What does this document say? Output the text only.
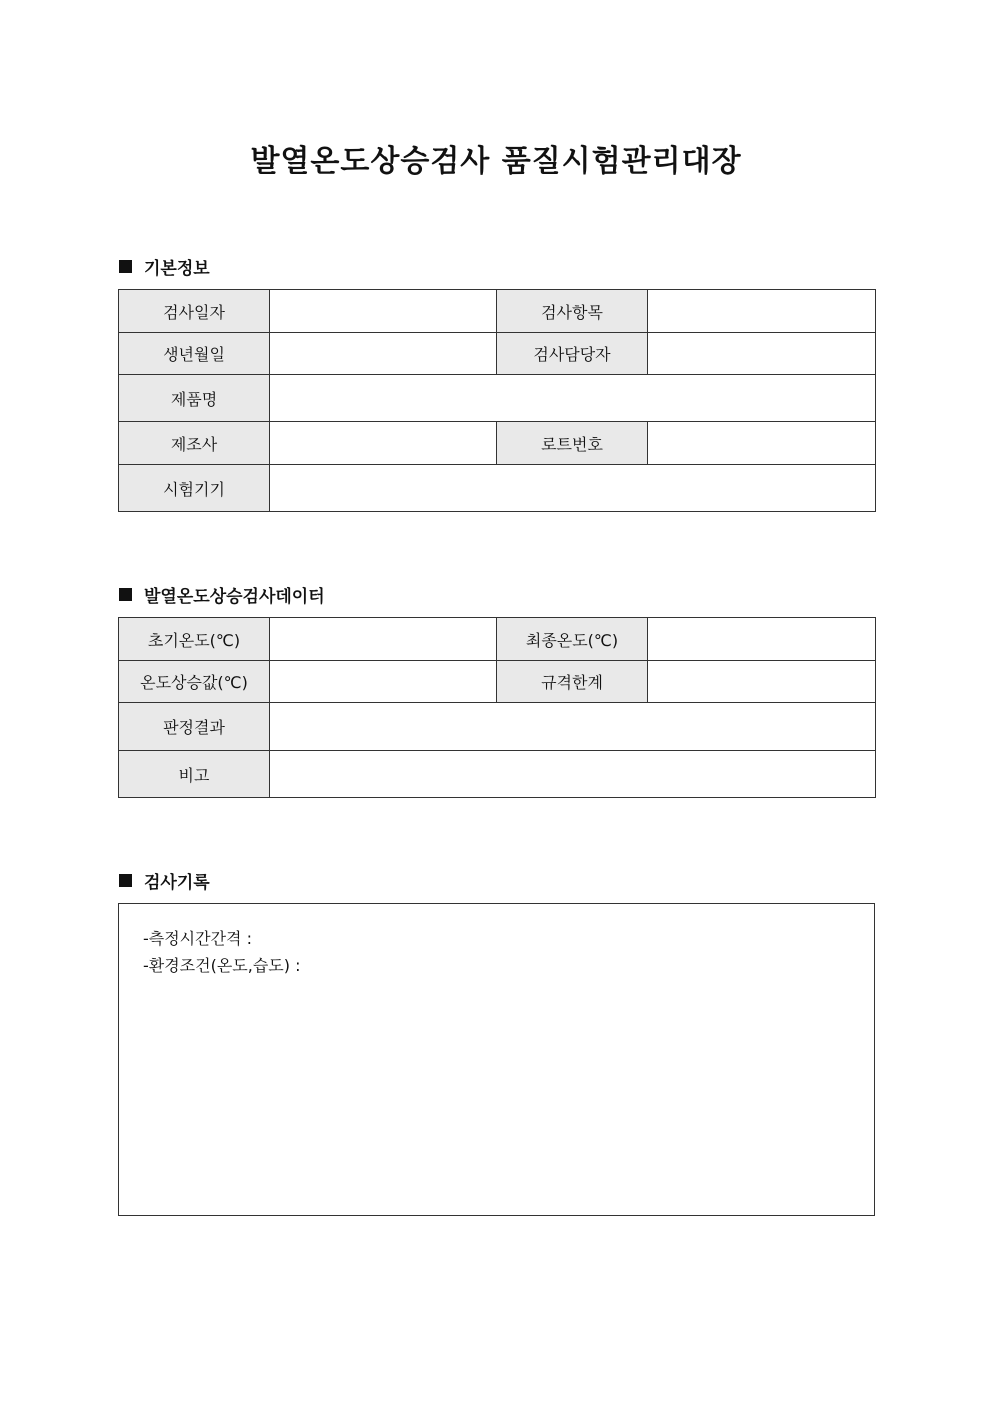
발열온도상승검사 품질시험관리대장
기본정보
검사일자		검사항목	
생년월일		검사담당자	
제품명			
제조사		로트번호	
시험기기			
발열온도상승검사데이터
초기온도(℃)		최종온도(℃)	
온도상승값(℃)		규격한계	
판정결과			
비고			
검사기록
-측정시간간격 :
-환경조건(온도,습도) :
